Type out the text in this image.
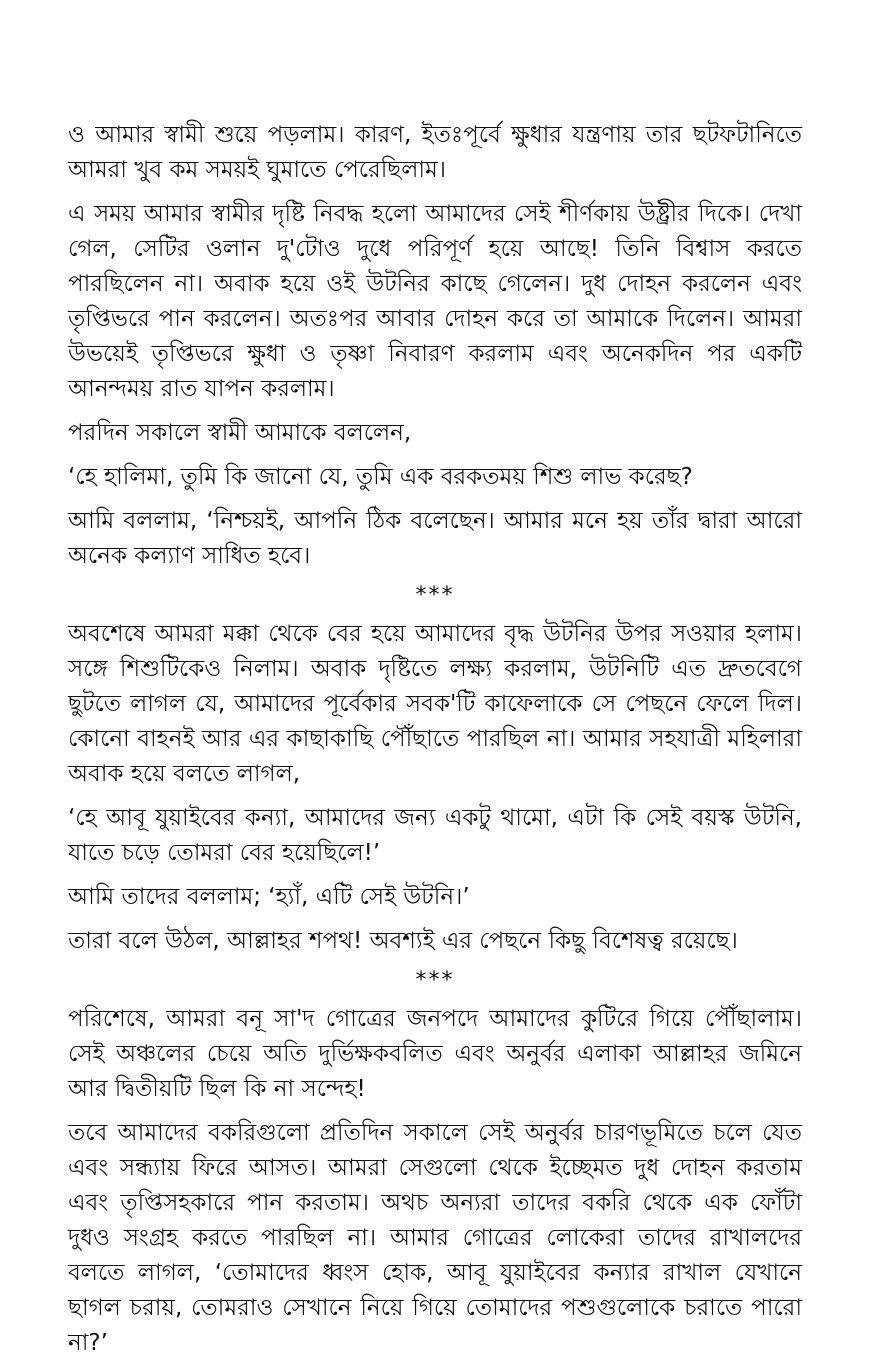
ও আমার স্বামী শুয়ে পড়লাম। কারণ, ইতঃপূর্বে ক্ষুধার যন্ত্রণায় তার ছটফটানিতে আমরা খুব কম সময়ই ঘুমাতে পেরেছিলাম।

এ সময় আমার স্বামীর দৃষ্টি নিবদ্ধ হলো আমাদের সেই শীর্ণকায় উষ্ট্রীর দিকে। দেখা গেল, সেটির ওলান দু'টোও দুধে পরিপূর্ণ হয়ে আছে! তিনি বিশ্বাস করতে পারছিলেন না। অবাক হয়ে ওই উটনির কাছে গেলেন। দুধ দোহন করলেন এবং তৃপ্তিভরে পান করলেন। অতঃপর আবার দোহন করে তা আমাকে দিলেন। আমরা উভয়েই তৃপ্তিভরে ক্ষুধা ও তৃষ্ণা নিবারণ করলাম এবং অনেকদিন পর একটি আনন্দময় রাত যাপন করলাম।

পরদিন সকালে স্বামী আমাকে বললেন,

‘হে হালিমা, তুমি কি জানো যে, তুমি এক বরকতময় শিশু লাভ করেছ?

আমি বললাম, ‘নিশ্চয়ই, আপনি ঠিক বলেছেন। আমার মনে হয় তাঁর দ্বারা আরো অনেক কল্যাণ সাধিত হবে।

***

অবশেষে আমরা মক্কা থেকে বের হয়ে আমাদের বৃদ্ধ উটনির উপর সওয়ার হলাম। সঙ্গে শিশুটিকেও নিলাম। অবাক দৃষ্টিতে লক্ষ্য করলাম, উটনিটি এত দ্রুতবেগে ছুটতে লাগল যে, আমাদের পূর্বেকার সবক'টি কাফেলাকে সে পেছনে ফেলে দিল। কোনো বাহনই আর এর কাছাকাছি পৌঁছাতে পারছিল না। আমার সহযাত্রী মহিলারা অবাক হয়ে বলতে লাগল,

‘হে আবূ যুয়াইবের কন্যা, আমাদের জন্য একটু থামো, এটা কি সেই বয়স্ক উটনি, যাতে চড়ে তোমরা বের হয়েছিলে!’

আমি তাদের বললাম; ‘হ্যাঁ, এটি সেই উটনি।’

তারা বলে উঠল, আল্লাহর শপথ! অবশ্যই এর পেছনে কিছু বিশেষত্ব রয়েছে।

***

পরিশেষে, আমরা বনূ সা'দ গোত্রের জনপদে আমাদের কুটিরে গিয়ে পৌঁছালাম। সেই অঞ্চলের চেয়ে অতি দুর্ভিক্ষকবলিত এবং অনুর্বর এলাকা আল্লাহর জমিনে আর দ্বিতীয়টি ছিল কি না সন্দেহ!

তবে আমাদের বকরিগুলো প্রতিদিন সকালে সেই অনুর্বর চারণভূমিতে চলে যেত এবং সন্ধ্যায় ফিরে আসত। আমরা সেগুলো থেকে ইচ্ছেমত দুধ দোহন করতাম এবং তৃপ্তিসহকারে পান করতাম। অথচ অন্যরা তাদের বকরি থেকে এক ফোঁটা দুধও সংগ্রহ করতে পারছিল না। আমার গোত্রের লোকেরা তাদের রাখালদের বলতে লাগল, ‘তোমাদের ধ্বংস হোক, আবূ যুয়াইবের কন্যার রাখাল যেখানে ছাগল চরায়, তোমরাও সেখানে নিয়ে গিয়ে তোমাদের পশুগুলোকে চরাতে পারো না?’
